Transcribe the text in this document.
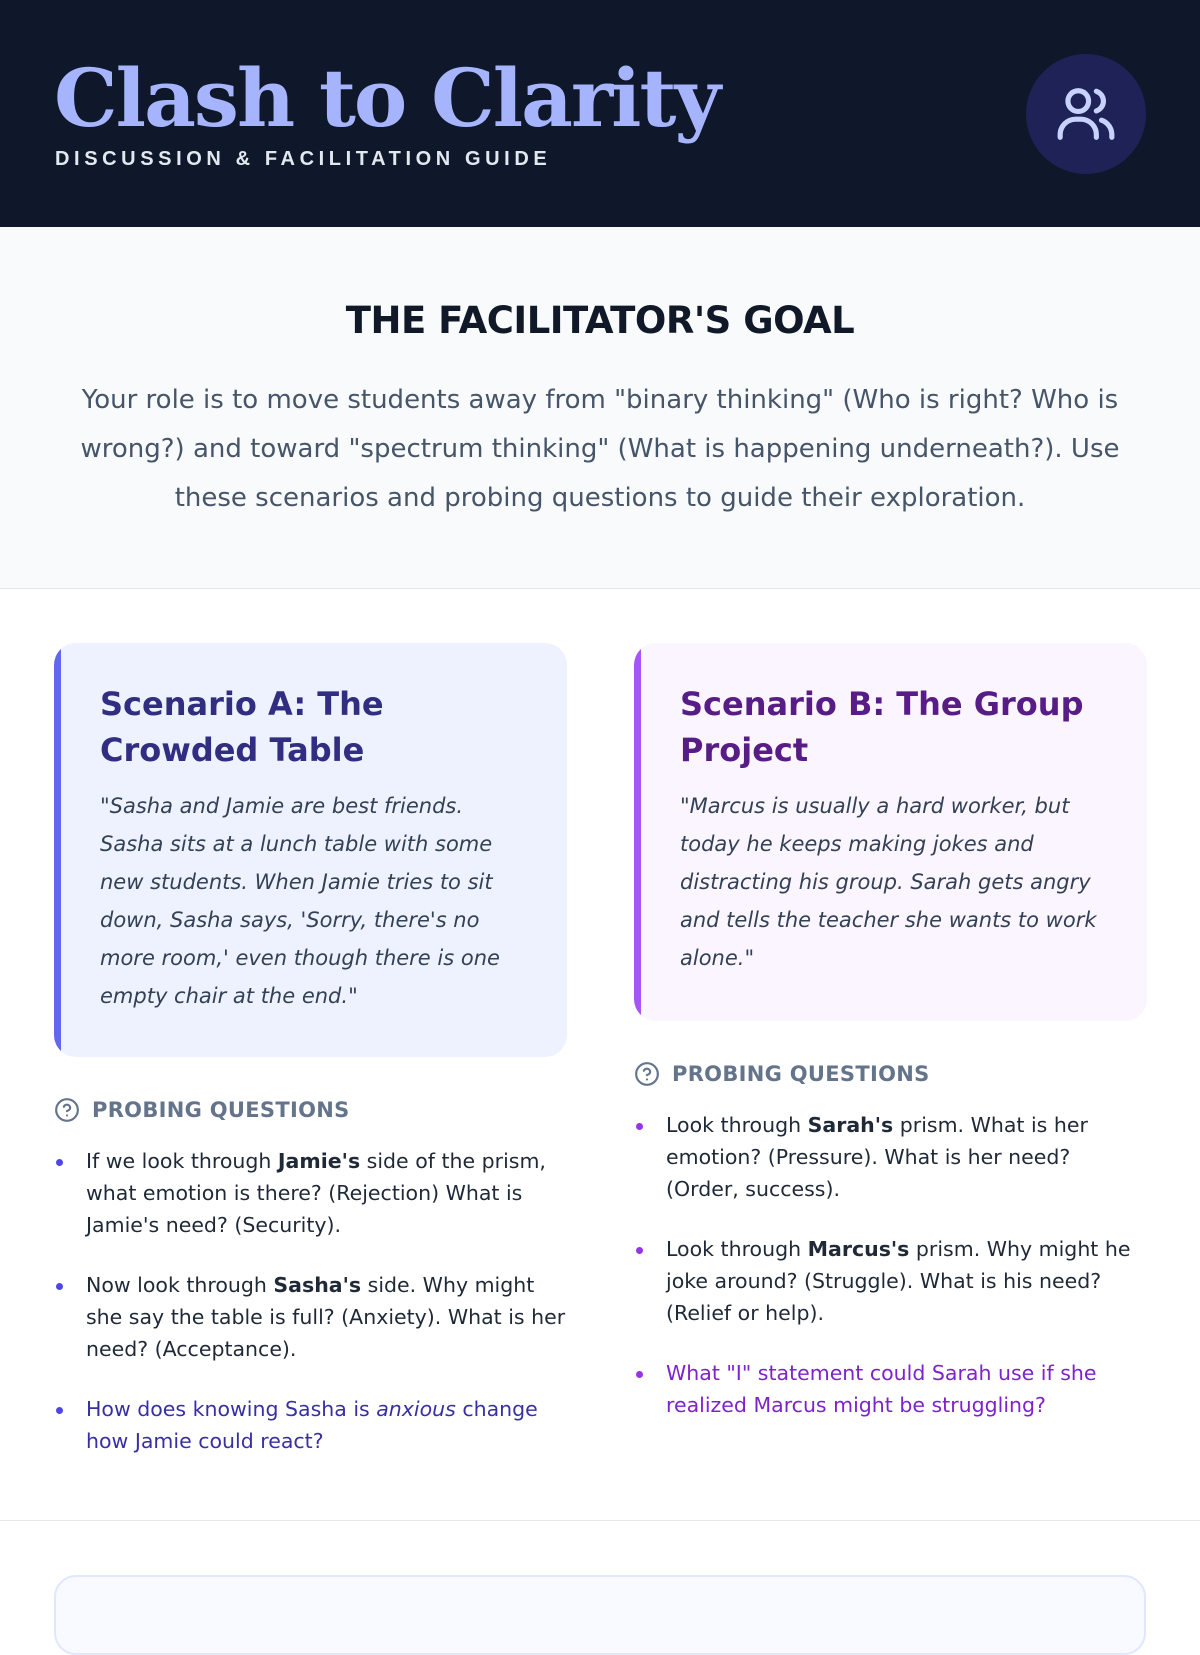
Clash to Clarity
DISCUSSION & FACILITATION GUIDE
THE FACILITATOR'S GOAL

Your role is to move students away from "binary thinking" (Who is right? Who is wrong?) and toward "spectrum thinking" (What is happening underneath?). Use these scenarios and probing questions to guide their exploration.

Scenario A: The Crowded Table
"Sasha and Jamie are best friends. Sasha sits at a lunch table with some new students. When Jamie tries to sit down, Sasha says, 'Sorry, there's no more room,' even though there is one empty chair at the end."
PROBING QUESTIONS
If we look through Jamie's side of the prism, what emotion is there? (Rejection) What is Jamie's need? (Security).
Now look through Sasha's side. Why might she say the table is full? (Anxiety). What is her need? (Acceptance).
How does knowing Sasha is anxious change how Jamie could react?
Scenario B: The Group Project
"Marcus is usually a hard worker, but today he keeps making jokes and distracting his group. Sarah gets angry and tells the teacher she wants to work alone."
PROBING QUESTIONS
Look through Sarah's prism. What is her emotion? (Pressure). What is her need? (Order, success).
Look through Marcus's prism. Why might he joke around? (Struggle). What is his need? (Relief or help).
What "I" statement could Sarah use if she realized Marcus might be struggling?
